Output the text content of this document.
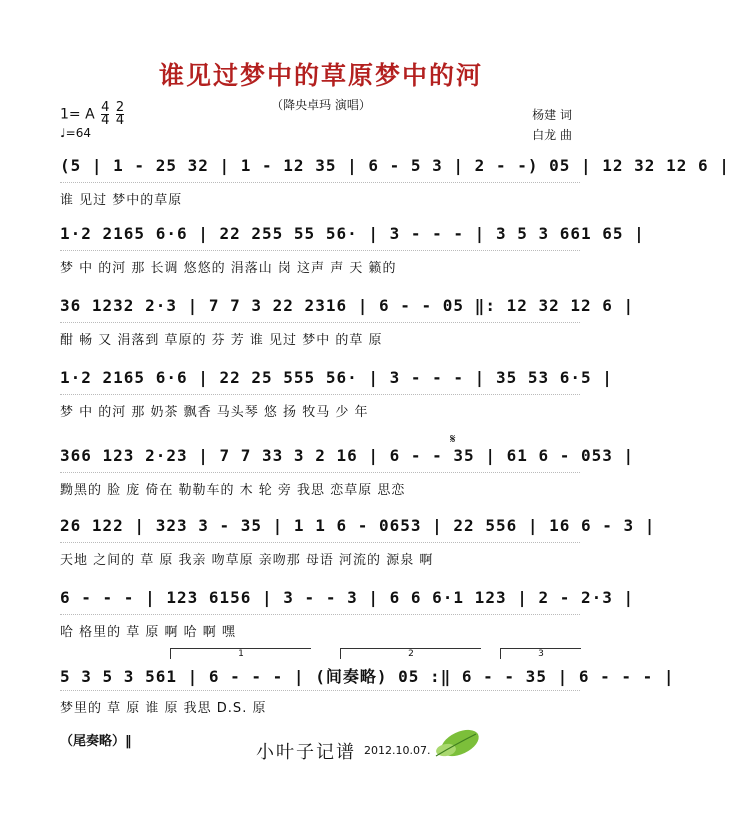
谁见过梦中的草原梦中的河
（降央卓玛 演唱）
1= A $\frac{4}{4} \frac{2}{4}$
♩=64
杨建 词
白龙 曲
(5 | 1 - 25 32 | 1 - 12 35 | 6 - 5 3 | 2 - -) 05 | 12 32 12 6 |
谁 见过 梦中的草原
1·2 2165 6·6 | 22 255 55 56· | 3 - - - | 3 5 3 661 65 |
梦 中 的河 那 长调 悠悠的 涓落山 岗 这声 声 天 籁的
36 1232 2·3 | 7 7 3 22 2316 | 6 - - 05 ‖: 12 32 12 6 |
酣 畅 又 涓落到 草原的 芬 芳 谁 见过 梦中 的草 原
1·2 2165 6·6 | 22 25 555 56· | 3 - - - | 35 53 6·5 |
梦 中 的河 那 奶茶 飘香 马头琴 悠 扬 牧马 少 年
𝄋
366 123 2·23 | 7 7 33 3 2 16 | 6 - - 35 | 61 6 - 053 |
黝黑的 脸 庞 倚在 勒勒车的 木 轮 旁 我思 恋草原 思恋
26 122 | 323 3 - 35 | 1 1 6 - 0653 | 22 556 | 16 6 - 3 |
天地 之间的 草 原 我亲 吻草原 亲吻那 母语 河流的 源泉 啊
6 - - - | 123 6156 | 3 - - 3 | 6 6 6·1 123 | 2 - 2·3 |
哈 格里的 草 原 啊 哈 啊 嘿
1	2	3
5 3 5 3 561 | 6 - - - | (间奏略) 05 :‖ 6 - - 35 | 6 - - - |
梦里的 草 原 谁 原 我思 D.S. 原
（尾奏略）‖
小叶子记谱 2012.10.07.
